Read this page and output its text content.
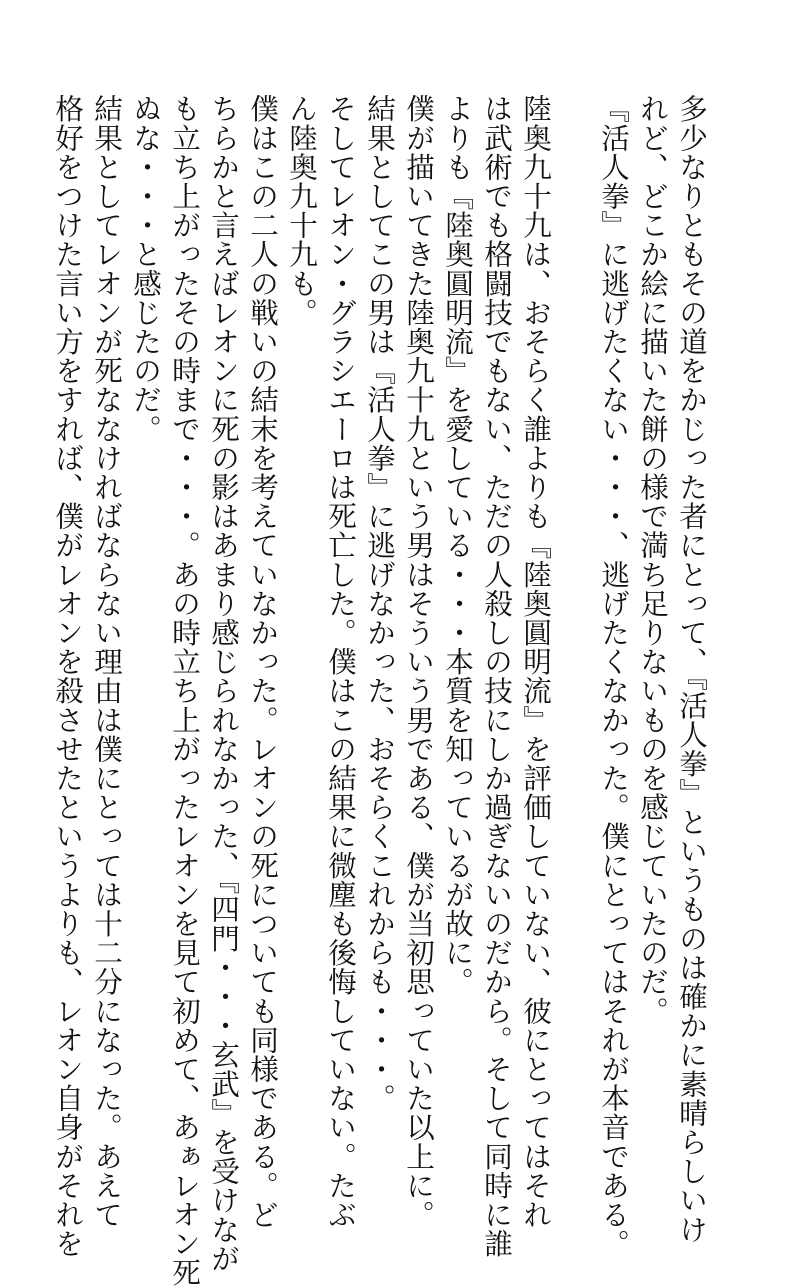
多少なりともその道をかじった者にとって、『活人拳』というものは確かに素晴らしいけ
れど、どこか絵に描いた餅の様で満ち足りないものを感じていたのだ。
『活人拳』に逃げたくない・・・、逃げたくなかった。僕にとってはそれが本音である。
陸奥九十九は、おそらく誰よりも『陸奥圓明流』を評価していない、彼にとってはそれ
は武術でも格闘技でもない、ただの人殺しの技にしか過ぎないのだから。そして同時に誰
よりも『陸奥圓明流』を愛している・・・本質を知っているが故に。
僕が描いてきた陸奥九十九という男はそういう男である、僕が当初思っていた以上に。
結果としてこの男は『活人拳』に逃げなかった、おそらくこれからも・・・。
そしてレオン・グラシエーロは死亡した。僕はこの結果に微塵も後悔していない。たぶ
ん陸奥九十九も。
僕はこの二人の戦いの結末を考えていなかった。レオンの死についても同様である。ど
ちらかと言えばレオンに死の影はあまり感じられなかった、『四門・・・玄武』を受けなが
も立ち上がったその時まで・・・。あの時立ち上がったレオンを見て初めて、あぁレオン死
ぬな・・・と感じたのだ。
結果としてレオンが死ななければならない理由は僕にとっては十二分になった。あえて
格好をつけた言い方をすれば、僕がレオンを殺させたというよりも、レオン自身がそれを
